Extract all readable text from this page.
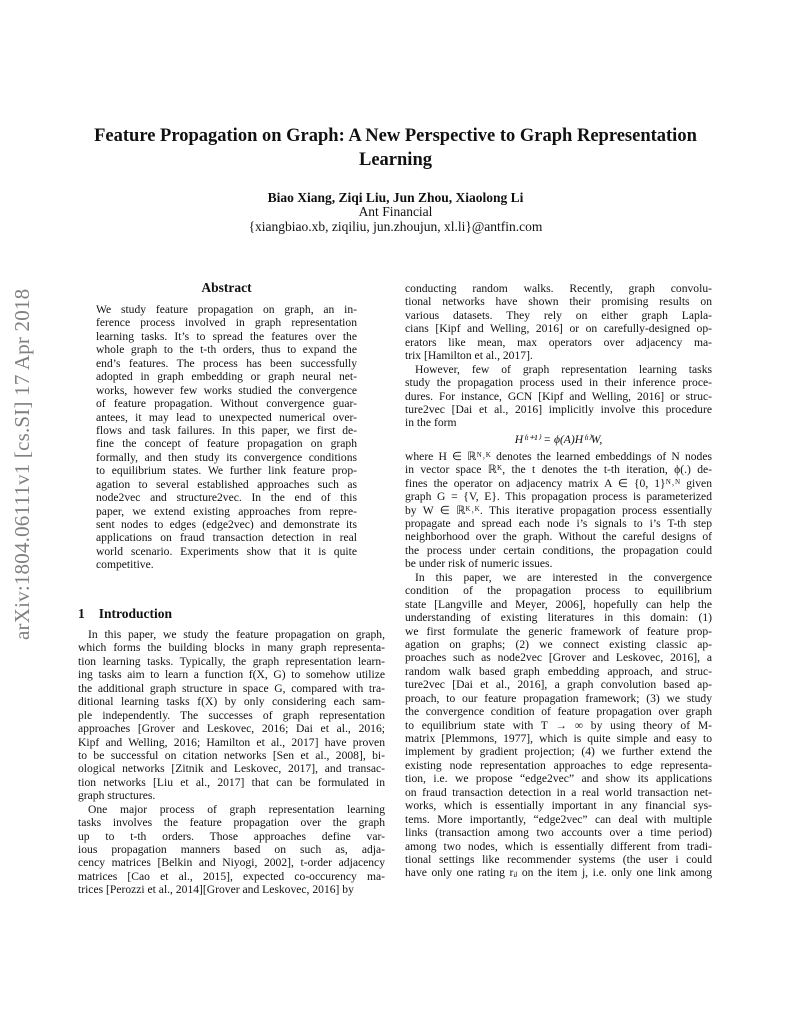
arXiv:1804.06111v1 [cs.SI] 17 Apr 2018
Feature Propagation on Graph: A New Perspective to Graph Representation Learning
Biao Xiang, Ziqi Liu, Jun Zhou, Xiaolong Li
Ant Financial
{xiangbiao.xb, ziqiliu, jun.zhoujun, xl.li}@antfin.com
Abstract
We study feature propagation on graph, an in-
ference process involved in graph representation
learning tasks. It’s to spread the features over the
whole graph to the t-th orders, thus to expand the
end’s features. The process has been successfully
adopted in graph embedding or graph neural net-
works, however few works studied the convergence
of feature propagation. Without convergence guar-
antees, it may lead to unexpected numerical over-
flows and task failures. In this paper, we first de-
fine the concept of feature propagation on graph
formally, and then study its convergence conditions
to equilibrium states. We further link feature prop-
agation to several established approaches such as
node2vec and structure2vec. In the end of this
paper, we extend existing approaches from repre-
sent nodes to edges (edge2vec) and demonstrate its
applications on fraud transaction detection in real
world scenario. Experiments show that it is quite
competitive.
1 Introduction
In this paper, we study the feature propagation on graph,
which forms the building blocks in many graph representa-
tion learning tasks. Typically, the graph representation learn-
ing tasks aim to learn a function f(X, G) to somehow utilize
the additional graph structure in space G, compared with tra-
ditional learning tasks f(X) by only considering each sam-
ple independently. The successes of graph representation
approaches [Grover and Leskovec, 2016; Dai et al., 2016;
Kipf and Welling, 2016; Hamilton et al., 2017] have proven
to be successful on citation networks [Sen et al., 2008], bi-
ological networks [Zitnik and Leskovec, 2017], and transac-
tion networks [Liu et al., 2017] that can be formulated in
graph structures.
One major process of graph representation learning
tasks involves the feature propagation over the graph
up to t-th orders. Those approaches define var-
ious propagation manners based on such as, adja-
cency matrices [Belkin and Niyogi, 2002], t-order adjacency
matrices [Cao et al., 2015], expected co-occurency ma-
trices [Perozzi et al., 2014][Grover and Leskovec, 2016] by
conducting random walks. Recently, graph convolu-
tional networks have shown their promising results on
various datasets. They rely on either graph Lapla-
cians [Kipf and Welling, 2016] or on carefully-designed op-
erators like mean, max operators over adjacency ma-
trix [Hamilton et al., 2017].
However, few of graph representation learning tasks
study the propagation process used in their inference proce-
dures. For instance, GCN [Kipf and Welling, 2016] or struc-
ture2vec [Dai et al., 2016] implicitly involve this procedure
in the form
H⁽ᵗ⁺¹⁾ = ϕ(A)H⁽ᵗ⁾W,
where H ∈ ℝᴺ˒ᴷ denotes the learned embeddings of N nodes
in vector space ℝᴷ, the t denotes the t-th iteration, ϕ(.) de-
fines the operator on adjacency matrix A ∈ {0, 1}ᴺ˒ᴺ given
graph G = {V, E}. This propagation process is parameterized
by W ∈ ℝᴷ˒ᴷ. This iterative propagation process essentially
propagate and spread each node i’s signals to i’s T-th step
neighborhood over the graph. Without the careful designs of
the process under certain conditions, the propagation could
be under risk of numeric issues.
In this paper, we are interested in the convergence
condition of the propagation process to equilibrium
state [Langville and Meyer, 2006], hopefully can help the
understanding of existing literatures in this domain: (1)
we first formulate the generic framework of feature prop-
agation on graphs; (2) we connect existing classic ap-
proaches such as node2vec [Grover and Leskovec, 2016], a
random walk based graph embedding approach, and struc-
ture2vec [Dai et al., 2016], a graph convolution based ap-
proach, to our feature propagation framework; (3) we study
the convergence condition of feature propagation over graph
to equilibrium state with T → ∞ by using theory of M-
matrix [Plemmons, 1977], which is quite simple and easy to
implement by gradient projection; (4) we further extend the
existing node representation approaches to edge representa-
tion, i.e. we propose “edge2vec” and show its applications
on fraud transaction detection in a real world transaction net-
works, which is essentially important in any financial sys-
tems. More importantly, “edge2vec” can deal with multiple
links (transaction among two accounts over a time period)
among two nodes, which is essentially different from tradi-
tional settings like recommender systems (the user i could
have only one rating rᵢⱼ on the item j, i.e. only one link among
